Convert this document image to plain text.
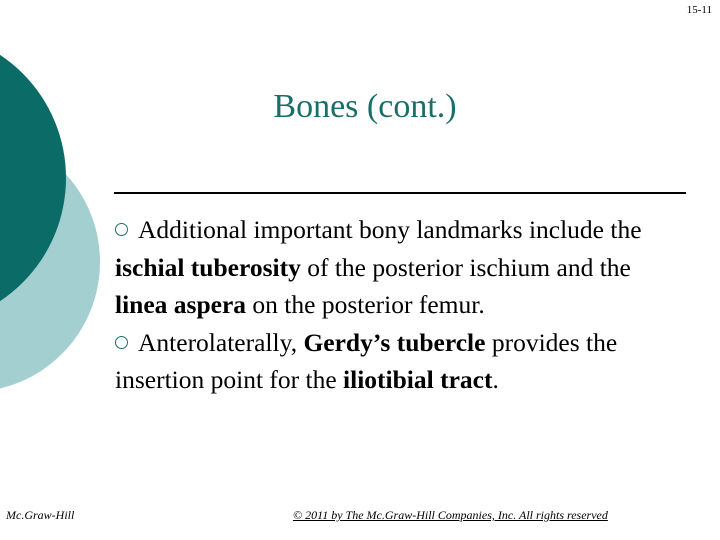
15-11
Bones (cont.)

Additional important bony landmarks include the ischial tuberosity of the posterior ischium and the linea aspera on the posterior femur.

Anterolaterally, Gerdy’s tubercle provides the insertion point for the iliotibial tract.

Mc.Graw-Hill	© 2011 by The Mc.Graw-Hill Companies, Inc. All rights reserved
